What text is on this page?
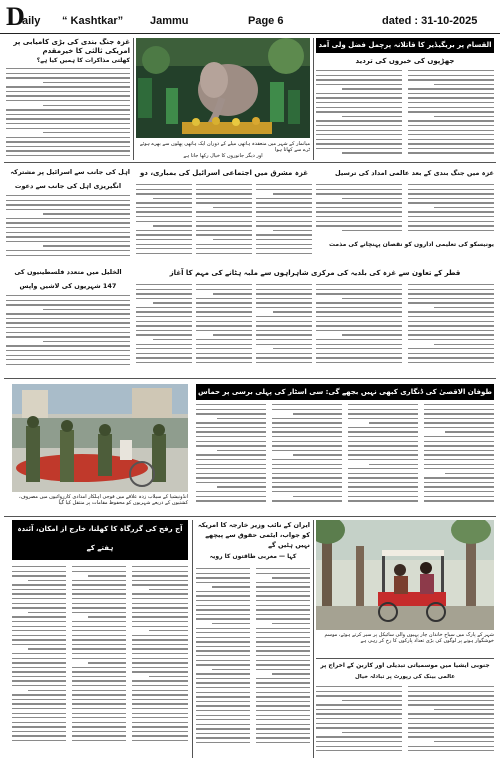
D
aily “ Kashtkar” Jammu	Page 6	dated : 31-10-2025
غزہ جنگ بندی کی بڑی کامیابی پر امریکی ثالثی کا خیرمقدم
کھلتی مذاکرات کا ہمیں کیا ہے؟
میانمار کے شہر میں منعقدہ ہاتھی میلے کے دوران ایک ہاتھی پھلوں سے بھرے ہوئے ٹرے سے کھاتا ہوا
اور دیگر جانوروں کا خیال رکھا جاتا ہے
القسام پر بریگیڈیر کا قاتلانہ پرچمل فضل ولی آمد
جھڑپوں کی خبروں کی تردید
اہل کی جانب سے اسرائیل پر مشترکہ
انگیریزی اہل کی جانب سے دعوت
غزہ مشرق میں اجتماعی اسرائیل کی بمباری، دو	غزہ میں جنگ بندی کے بعد عالمی امداد کی ترسیل
یونیسکو کی تعلیمی اداروں کو نقصان پہنچانے کی مذمت
الخلیل میں متعدد فلسطینیوں کی
147 شہریوں کی لاشیں واپس
قطر کے تعاون سے غزہ کی بلدیہ کی مرکزی شاہراہوں سے ملبہ ہٹانے کی مہم کا آغاز
انڈونیشیا کے سیلاب زدہ علاقے میں فوجی اہلکار امدادی کارروائیوں میں مصروف، کشتیوں کے ذریعے شہریوں کو محفوظ مقامات پر منتقل کیا گیا
طوفان الاقصیٰ کی ڈنگاری کبھی نہیں بجھے گی: سی اسٹار کی پہلی برسی پر حماس
آج رفح کی گزرگاہ کا کھلنا، خارج از امکان، آئندہ ہفتے کے
ایران کے نائب وزیر خارجہ کا امریکہ کو جواب، ایٹمی حقوق سے پیچھے نہیں ہٹیں گے
کہا — مغربی طاقتوں کا رویہ
شہر کے پارک میں سیاح خاندان چار پہیوں والی سائیکل پر سیر کرتے ہوئے، موسم خوشگوار ہونے پر لوگوں کی بڑی تعداد پارکوں کا رخ کر رہی ہے
جنوبی ایشیا میں موسمیاتی تبدیلی اور کاربن کے اخراج پر
عالمی بینک کی رپورٹ پر تبادلہ خیال
